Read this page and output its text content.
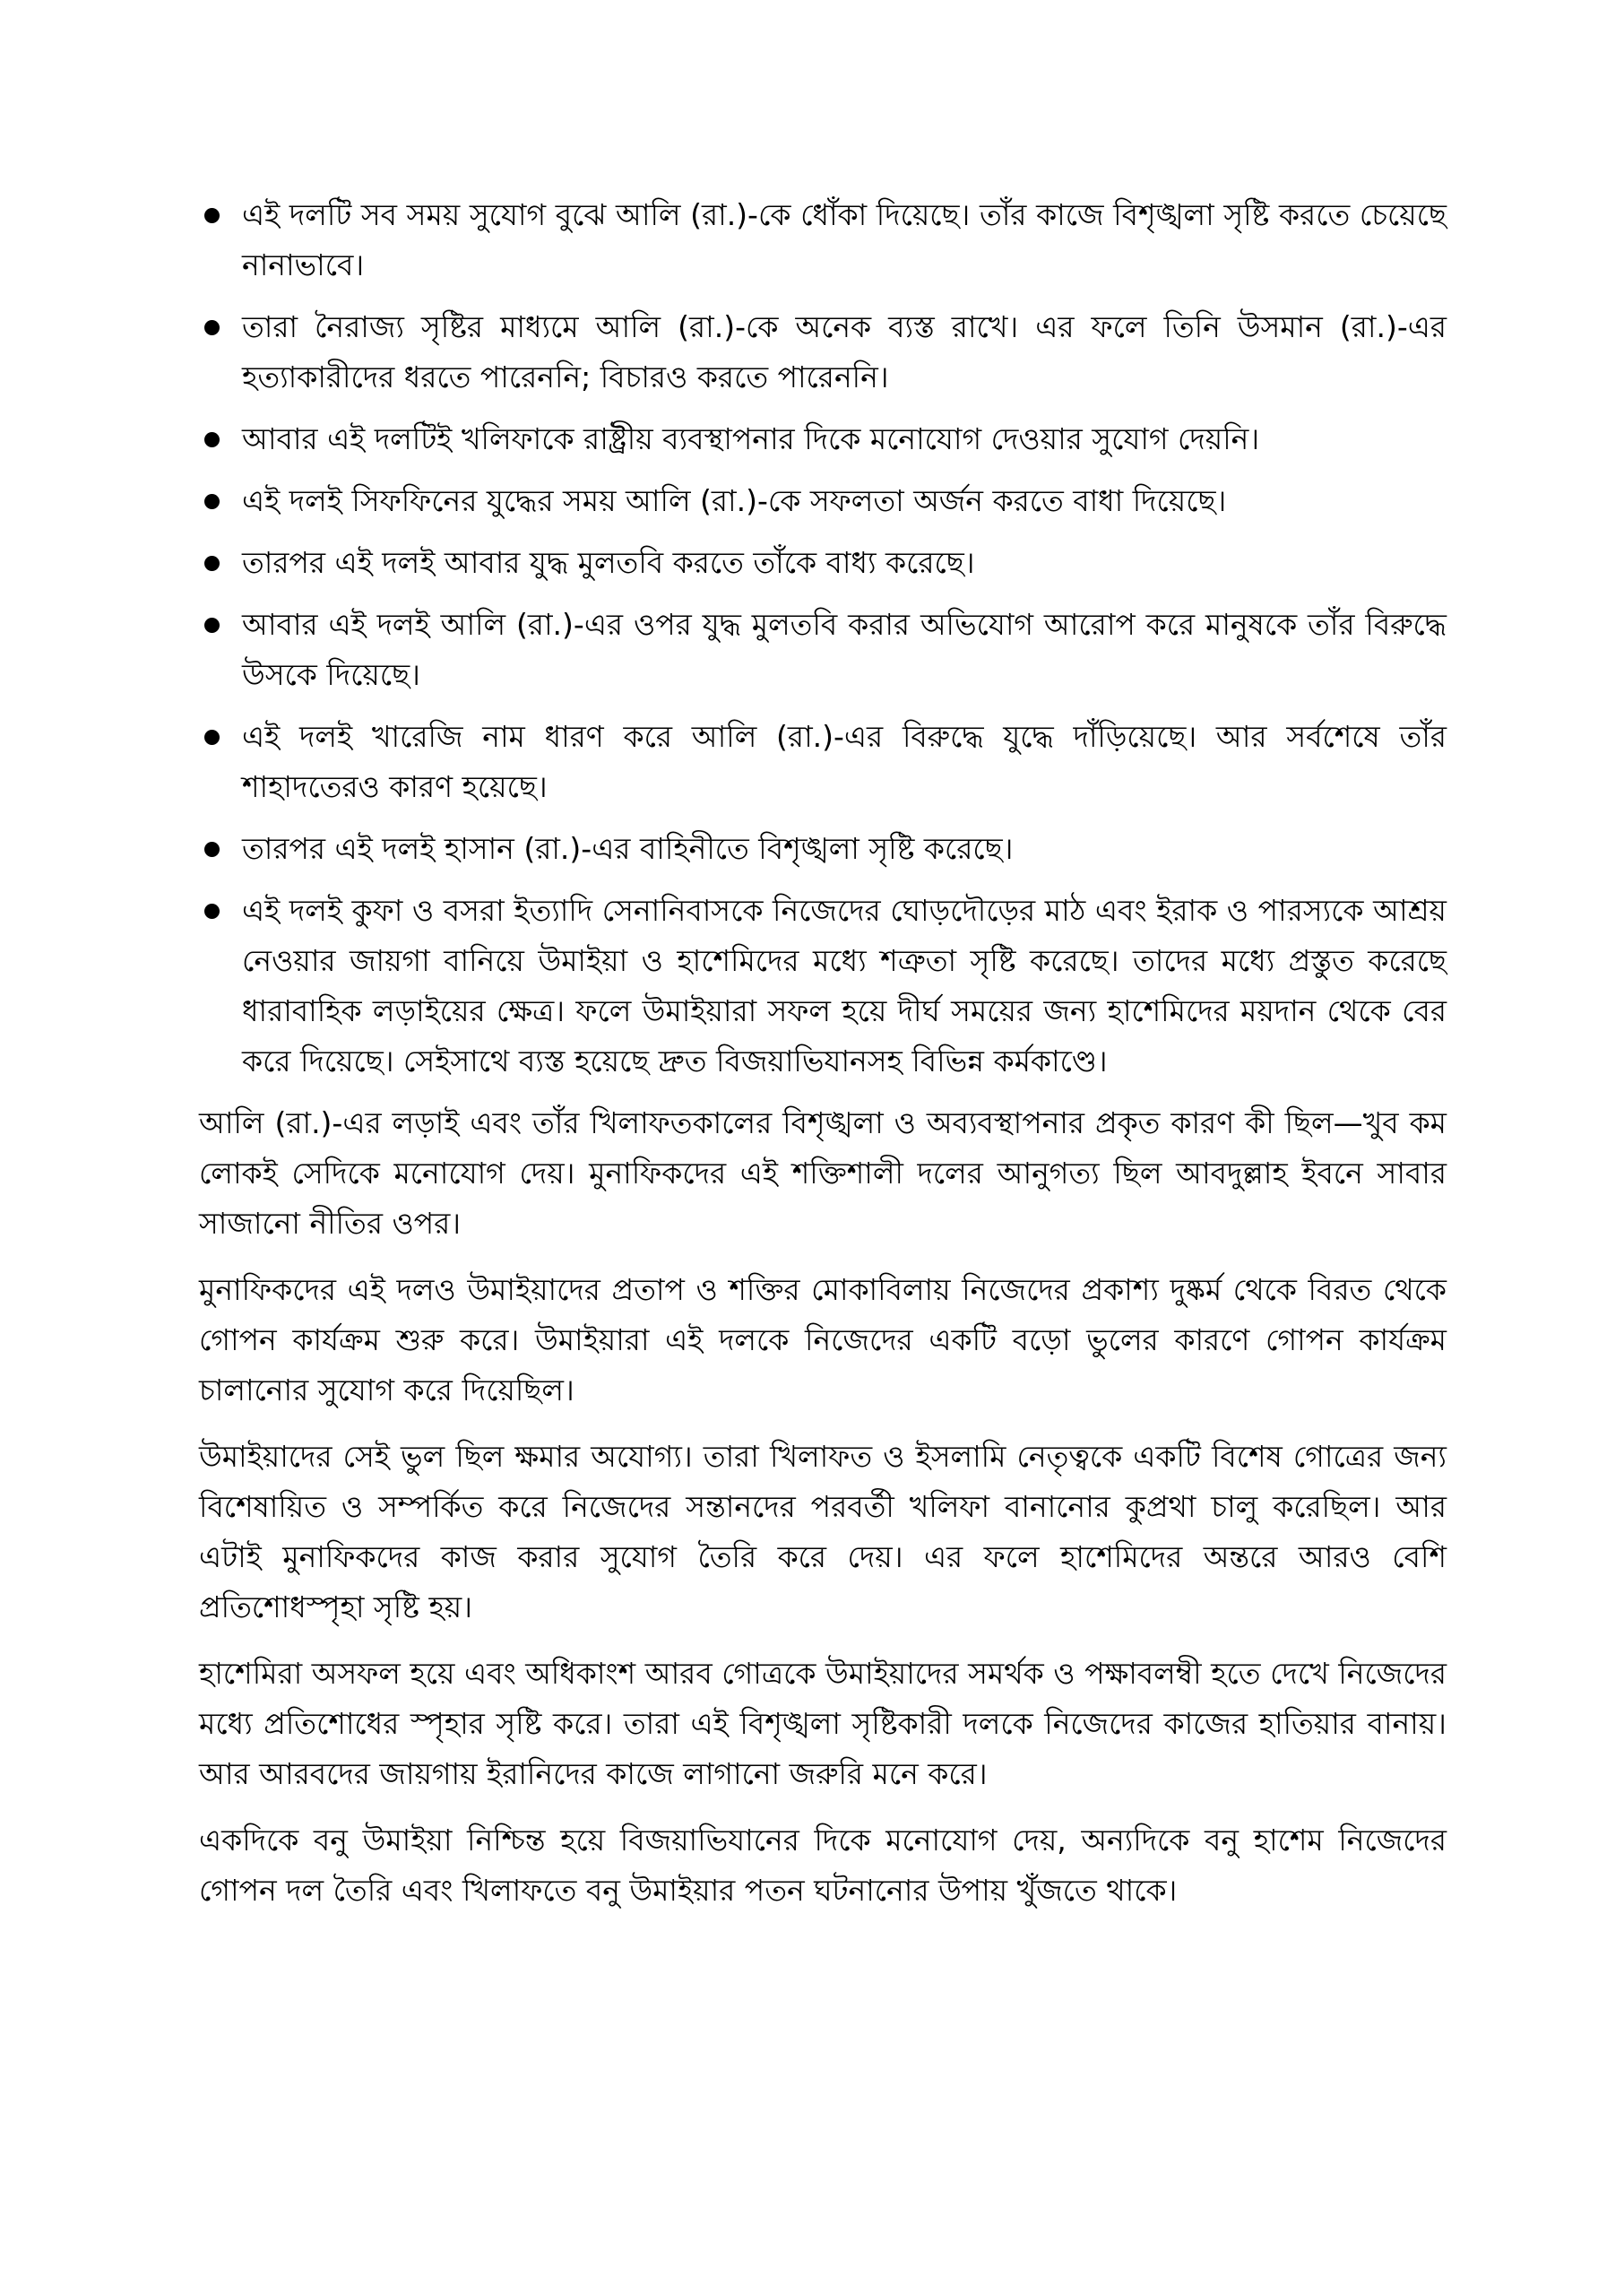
এই দলটি সব সময় সুযোগ বুঝে আলি (রা.)-কে ধোঁকা দিয়েছে। তাঁর কাজে বিশৃঙ্খলা সৃষ্টি করতে চেয়েছে নানাভাবে।
তারা নৈরাজ্য সৃষ্টির মাধ্যমে আলি (রা.)-কে অনেক ব্যস্ত রাখে। এর ফলে তিনি উসমান (রা.)-এর হত্যাকারীদের ধরতে পারেননি; বিচারও করতে পারেননি।
আবার এই দলটিই খলিফাকে রাষ্ট্রীয় ব্যবস্থাপনার দিকে মনোযোগ দেওয়ার সুযোগ দেয়নি।
এই দলই সিফফিনের যুদ্ধের সময় আলি (রা.)-কে সফলতা অর্জন করতে বাধা দিয়েছে।
তারপর এই দলই আবার যুদ্ধ মুলতবি করতে তাঁকে বাধ্য করেছে।
আবার এই দলই আলি (রা.)-এর ওপর যুদ্ধ মুলতবি করার অভিযোগ আরোপ করে মানুষকে তাঁর বিরুদ্ধে উসকে দিয়েছে।
এই দলই খারেজি নাম ধারণ করে আলি (রা.)-এর বিরুদ্ধে যুদ্ধে দাঁড়িয়েছে। আর সর্বশেষে তাঁর শাহাদতেরও কারণ হয়েছে।
তারপর এই দলই হাসান (রা.)-এর বাহিনীতে বিশৃঙ্খলা সৃষ্টি করেছে।
এই দলই কুফা ও বসরা ইত্যাদি সেনানিবাসকে নিজেদের ঘোড়দৌড়ের মাঠ এবং ইরাক ও পারস্যকে আশ্রয় নেওয়ার জায়গা বানিয়ে উমাইয়া ও হাশেমিদের মধ্যে শত্রুতা সৃষ্টি করেছে। তাদের মধ্যে প্রস্তুত করেছে ধারাবাহিক লড়াইয়ের ক্ষেত্র। ফলে উমাইয়ারা সফল হয়ে দীর্ঘ সময়ের জন্য হাশেমিদের ময়দান থেকে বের করে দিয়েছে। সেইসাথে ব্যস্ত হয়েছে দ্রুত বিজয়াভিযানসহ বিভিন্ন কর্মকাণ্ডে।

আলি (রা.)-এর লড়াই এবং তাঁর খিলাফতকালের বিশৃঙ্খলা ও অব্যবস্থাপনার প্রকৃত কারণ কী ছিল—খুব কম লোকই সেদিকে মনোযোগ দেয়। মুনাফিকদের এই শক্তিশালী দলের আনুগত্য ছিল আবদুল্লাহ ইবনে সাবার সাজানো নীতির ওপর।

মুনাফিকদের এই দলও উমাইয়াদের প্রতাপ ও শক্তির মোকাবিলায় নিজেদের প্রকাশ্য দুষ্কর্ম থেকে বিরত থেকে গোপন কার্যক্রম শুরু করে। উমাইয়ারা এই দলকে নিজেদের একটি বড়ো ভুলের কারণে গোপন কার্যক্রম চালানোর সুযোগ করে দিয়েছিল।

উমাইয়াদের সেই ভুল ছিল ক্ষমার অযোগ্য। তারা খিলাফত ও ইসলামি নেতৃত্বকে একটি বিশেষ গোত্রের জন্য বিশেষায়িত ও সম্পর্কিত করে নিজেদের সন্তানদের পরবর্তী খলিফা বানানোর কুপ্রথা চালু করেছিল। আর এটাই মুনাফিকদের কাজ করার সুযোগ তৈরি করে দেয়। এর ফলে হাশেমিদের অন্তরে আরও বেশি প্রতিশোধস্পৃহা সৃষ্টি হয়।

হাশেমিরা অসফল হয়ে এবং অধিকাংশ আরব গোত্রকে উমাইয়াদের সমর্থক ও পক্ষাবলম্বী হতে দেখে নিজেদের মধ্যে প্রতিশোধের স্পৃহার সৃষ্টি করে। তারা এই বিশৃঙ্খলা সৃষ্টিকারী দলকে নিজেদের কাজের হাতিয়ার বানায়। আর আরবদের জায়গায় ইরানিদের কাজে লাগানো জরুরি মনে করে।

একদিকে বনু উমাইয়া নিশ্চিন্ত হয়ে বিজয়াভিযানের দিকে মনোযোগ দেয়, অন্যদিকে বনু হাশেম নিজেদের গোপন দল তৈরি এবং খিলাফতে বনু উমাইয়ার পতন ঘটনানোর উপায় খুঁজতে থাকে।
